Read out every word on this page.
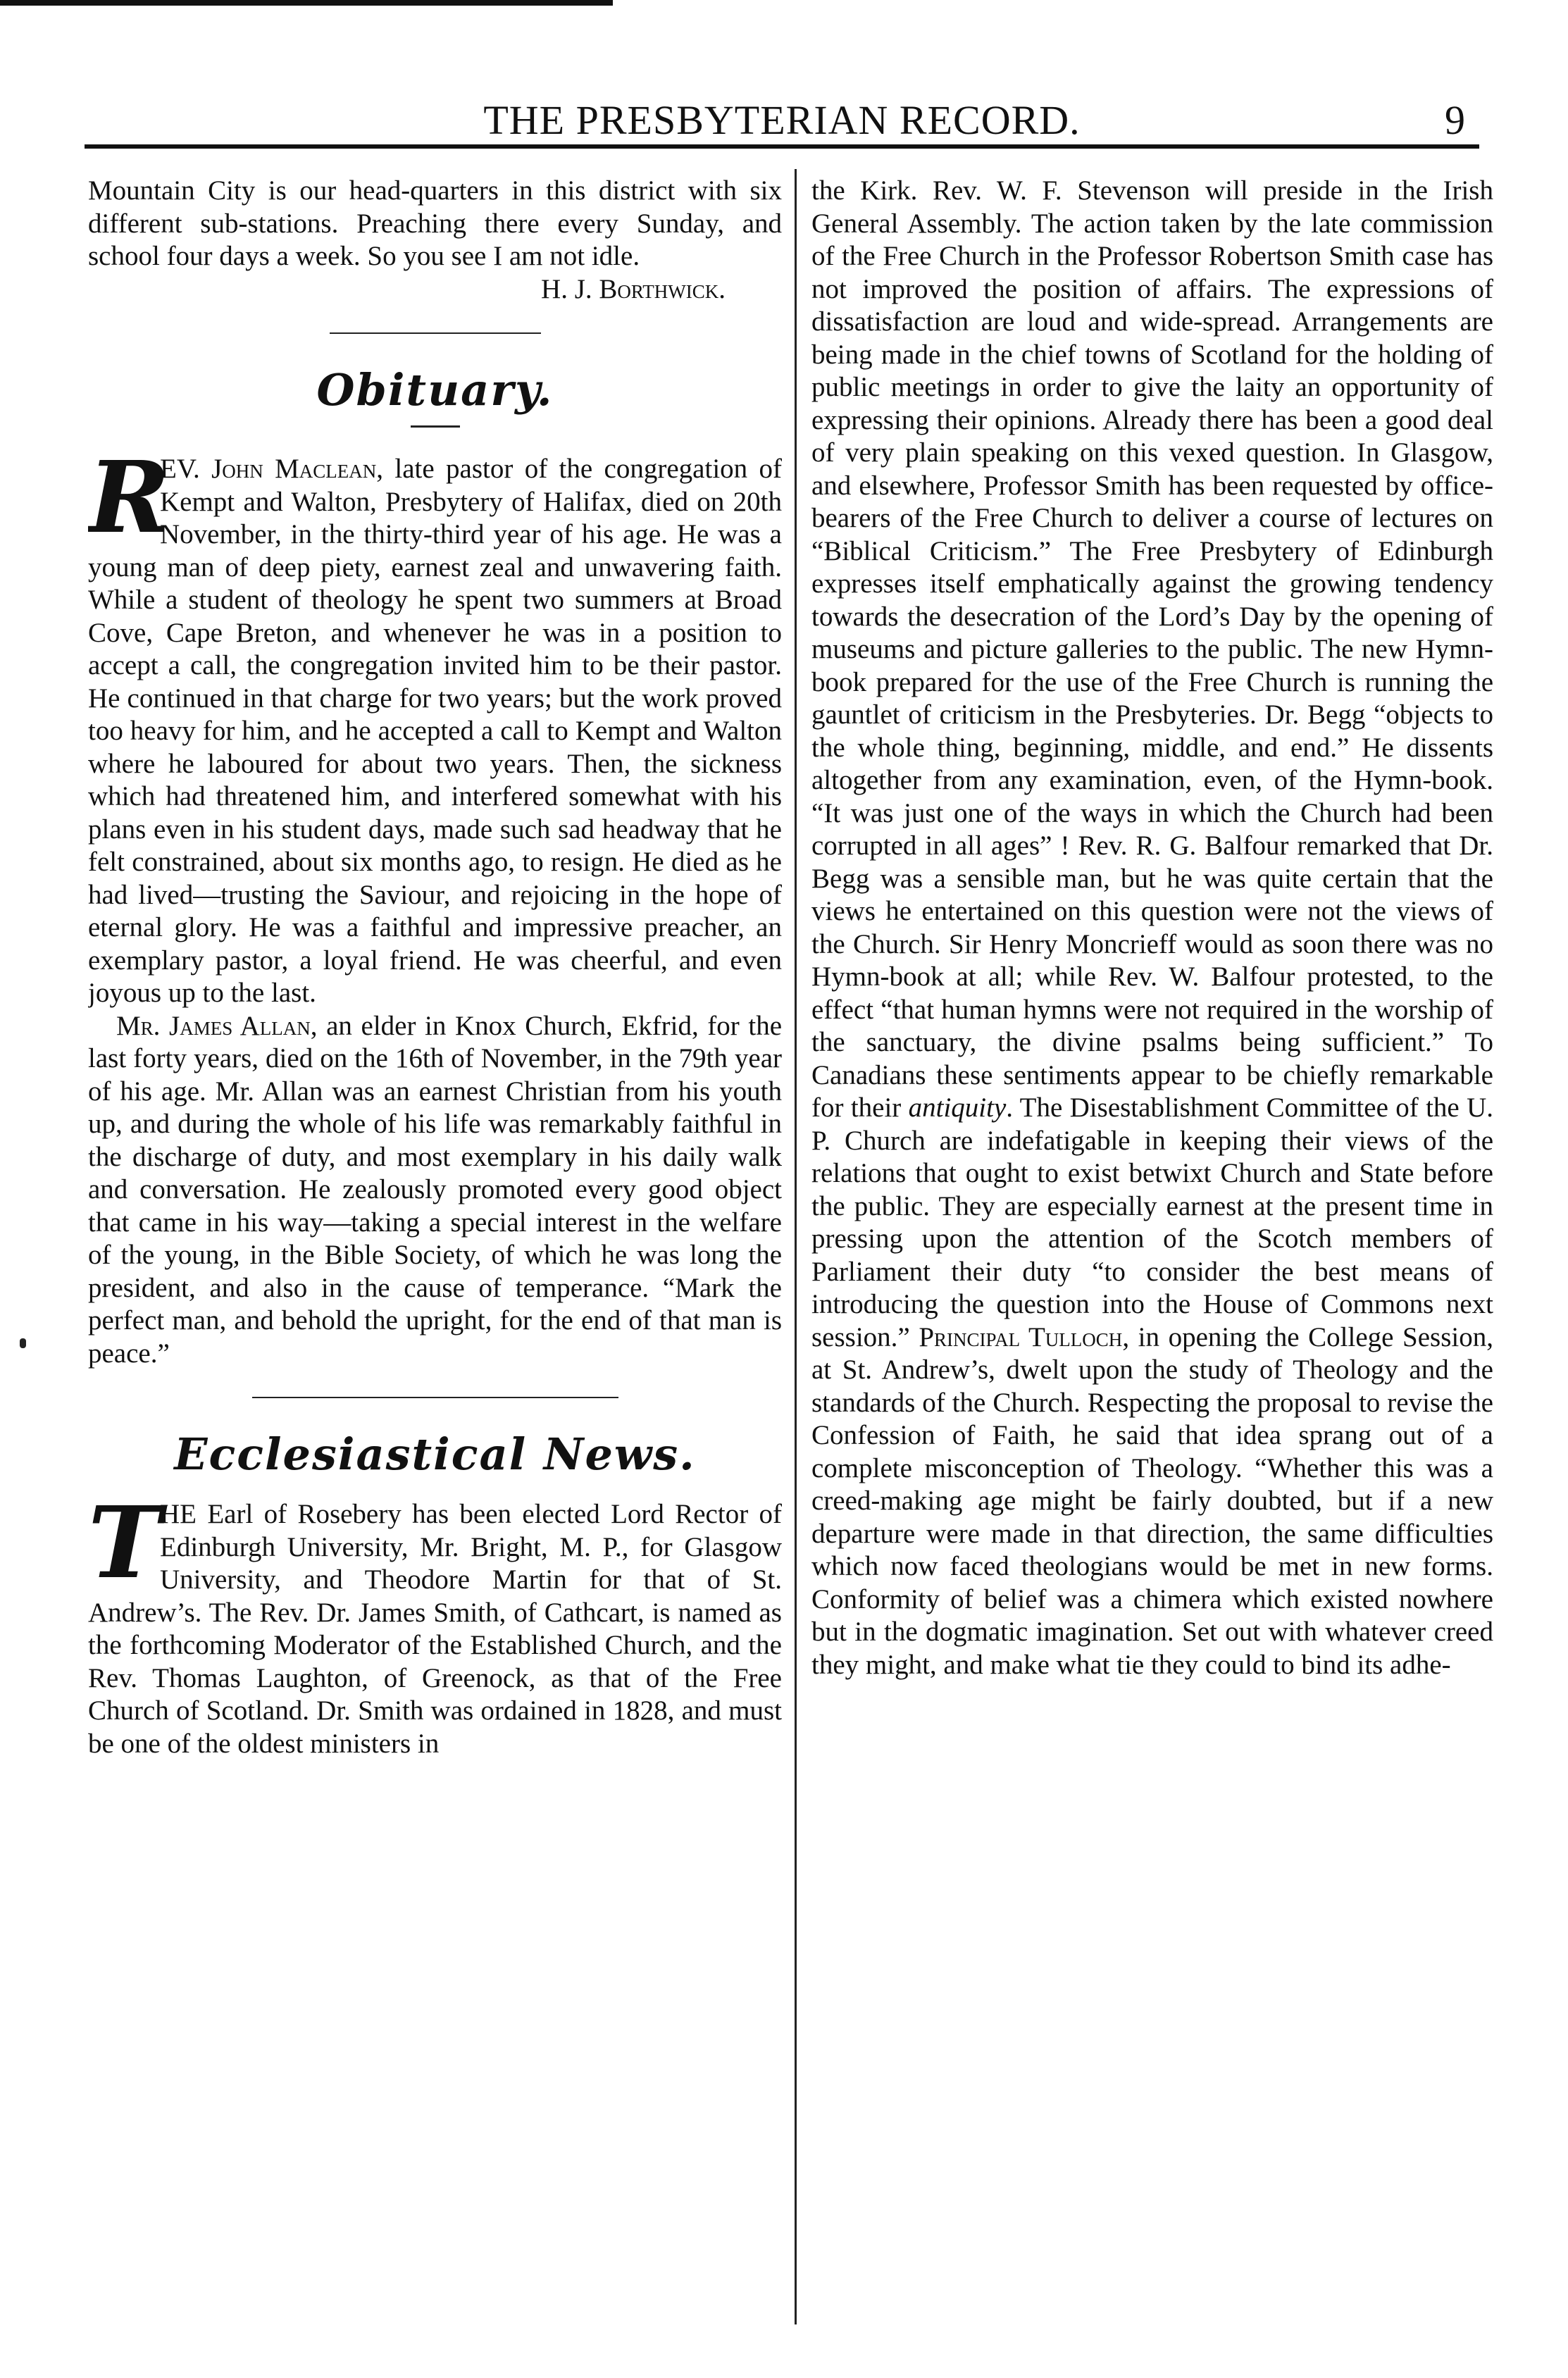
THE PRESBYTERIAN RECORD.	9

Mountain City is our head-quarters in this district with six different sub-stations. Preaching there every Sunday, and school four days a week. So you see I am not idle.

H. J. Borthwick.

Obituary.

R
EV. John Maclean, late pastor of the congregation of Kempt and Walton, Presbytery of Halifax, died on 20th November, in the thirty-third year of his age. He was a young man of deep piety, earnest zeal and unwavering faith. While a student of theology he spent two summers at Broad Cove, Cape Breton, and whenever he was in a position to accept a call, the congregation invited him to be their pastor. He continued in that charge for two years; but the work proved too heavy for him, and he accepted a call to Kempt and Walton where he laboured for about two years. Then, the sickness which had threatened him, and interfered somewhat with his plans even in his student days, made such sad headway that he felt constrained, about six months ago, to resign. He died as he had lived—trusting the Saviour, and rejoicing in the hope of eternal glory. He was a faithful and impressive preacher, an exemplary pastor, a loyal friend. He was cheerful, and even joyous up to the last.

Mr. James Allan, an elder in Knox Church, Ekfrid, for the last forty years, died on the 16th of November, in the 79th year of his age. Mr. Allan was an earnest Christian from his youth up, and during the whole of his life was remarkably faithful in the discharge of duty, and most exemplary in his daily walk and conversation. He zealously promoted every good object that came in his way—taking a special interest in the welfare of the young, in the Bible Society, of which he was long the president, and also in the cause of temperance. “Mark the perfect man, and behold the upright, for the end of that man is peace.”

Ecclesiastical News.

T
HE Earl of Rosebery has been elected Lord Rector of Edinburgh University, Mr. Bright, M. P., for Glasgow University, and Theodore Martin for that of St. Andrew’s. The Rev. Dr. James Smith, of Cathcart, is named as the forthcoming Moderator of the Established Church, and the Rev. Thomas Laughton, of Greenock, as that of the Free Church of Scotland. Dr. Smith was ordained in 1828, and must be one of the oldest ministers in

the Kirk. Rev. W. F. Stevenson will preside in the Irish General Assembly. The action taken by the late commission of the Free Church in the Professor Robertson Smith case has not improved the position of affairs. The expressions of dissatisfaction are loud and wide-spread. Arrangements are being made in the chief towns of Scotland for the holding of public meetings in order to give the laity an opportunity of expressing their opinions. Already there has been a good deal of very plain speaking on this vexed question. In Glasgow, and elsewhere, Professor Smith has been requested by office-bearers of the Free Church to deliver a course of lectures on “Biblical Criticism.” The Free Presbytery of Edinburgh expresses itself emphatically against the growing tendency towards the desecration of the Lord’s Day by the opening of museums and picture galleries to the public. The new Hymn-book prepared for the use of the Free Church is running the gauntlet of criticism in the Presbyteries. Dr. Begg “objects to the whole thing, beginning, middle, and end.” He dissents altogether from any examination, even, of the Hymn-book. “It was just one of the ways in which the Church had been corrupted in all ages” ! Rev. R. G. Balfour remarked that Dr. Begg was a sensible man, but he was quite certain that the views he entertained on this question were not the views of the Church. Sir Henry Moncrieff would as soon there was no Hymn-book at all; while Rev. W. Balfour protested, to the effect “that human hymns were not required in the worship of the sanctuary, the divine psalms being sufficient.” To Canadians these sentiments appear to be chiefly remarkable for their antiquity. The Disestablishment Committee of the U. P. Church are indefatigable in keeping their views of the relations that ought to exist betwixt Church and State before the public. They are especially earnest at the present time in pressing upon the attention of the Scotch members of Parliament their duty “to consider the best means of introducing the question into the House of Commons next session.” Principal Tulloch, in opening the College Session, at St. Andrew’s, dwelt upon the study of Theology and the standards of the Church. Respecting the proposal to revise the Confession of Faith, he said that idea sprang out of a complete misconception of Theology. “Whether this was a creed-making age might be fairly doubted, but if a new departure were made in that direction, the same difficulties which now faced theologians would be met in new forms. Conformity of belief was a chimera which existed nowhere but in the dogmatic imagination. Set out with whatever creed they might, and make what tie they could to bind its adhe-
